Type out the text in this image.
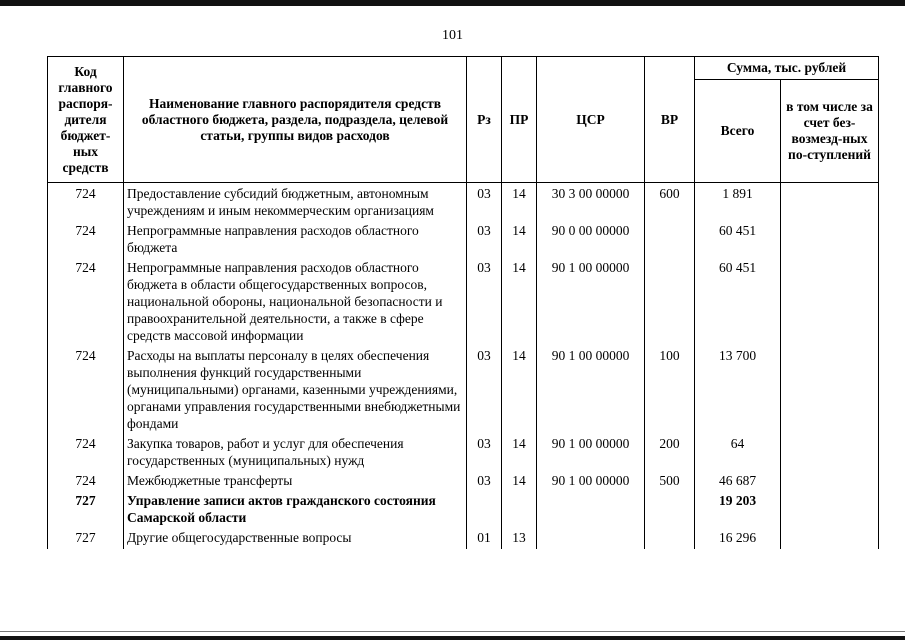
101
Код главного распоря-дителя бюджет-ных средств	Наименование главного распорядителя средств областного бюджета, раздела, подраздела, целевой статьи, группы видов расходов	Рз	ПР	ЦСР	ВР	Сумма, тыс. рублей	
						Всего	в том числе за счет без-возмезд-ных по-ступлений
724	Предоставление субсидий бюджетным, автономным учреждениям и иным некоммерческим организациям	03	14	30 3 00 00000	600	1 891	
724	Непрограммные направления расходов областного бюджета	03	14	90 0 00 00000		60 451	
724	Непрограммные направления расходов областного бюджета в области общегосударственных вопросов, национальной обороны, национальной безопасности и правоохранительной деятельности, а также в сфере средств массовой информации	03	14	90 1 00 00000		60 451	
724	Расходы на выплаты персоналу в целях обеспечения выполнения функций государственными (муниципальными) органами, казенными учреждениями, органами управления государственными внебюджетными фондами	03	14	90 1 00 00000	100	13 700	
724	Закупка товаров, работ и услуг для обеспечения государственных (муниципальных) нужд	03	14	90 1 00 00000	200	64	
724	Межбюджетные трансферты	03	14	90 1 00 00000	500	46 687	
727	Управление записи актов гражданского состояния Самарской области					19 203	
727	Другие общегосударственные вопросы	01	13			16 296	
